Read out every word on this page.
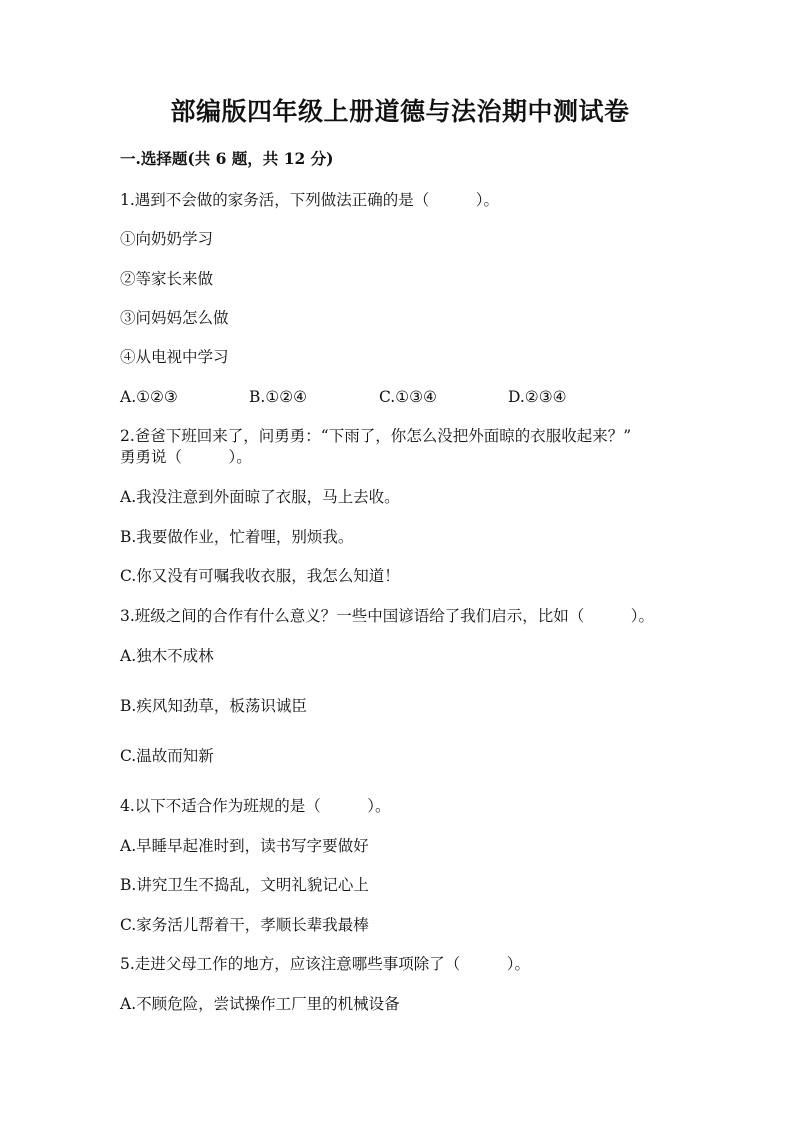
部编版四年级上册道德与法治期中测试卷
一.选择题(共 6 题，共 12 分)
1.遇到不会做的家务活，下列做法正确的是（　　　）。
①向奶奶学习
②等家长来做
③问妈妈怎么做
④从电视中学习
A.①②③	B.①②④	C.①③④	D.②③④
2.爸爸下班回来了，问勇勇：“下雨了，你怎么没把外面晾的衣服收起来？”
勇勇说（　　　）。
A.我没注意到外面晾了衣服，马上去收。
B.我要做作业，忙着哩，别烦我。
C.你又没有可嘱我收衣服，我怎么知道！
3.班级之间的合作有什么意义？一些中国谚语给了我们启示，比如（　　　）。
A.独木不成林
B.疾风知劲草，板荡识诚臣
C.温故而知新
4.以下不适合作为班规的是（　　　）。
A.早睡早起准时到，读书写字要做好
B.讲究卫生不捣乱，文明礼貌记心上
C.家务活儿帮着干，孝顺长辈我最棒
5.走进父母工作的地方，应该注意哪些事项除了（　　　）。
A.不顾危险，尝试操作工厂里的机械设备
